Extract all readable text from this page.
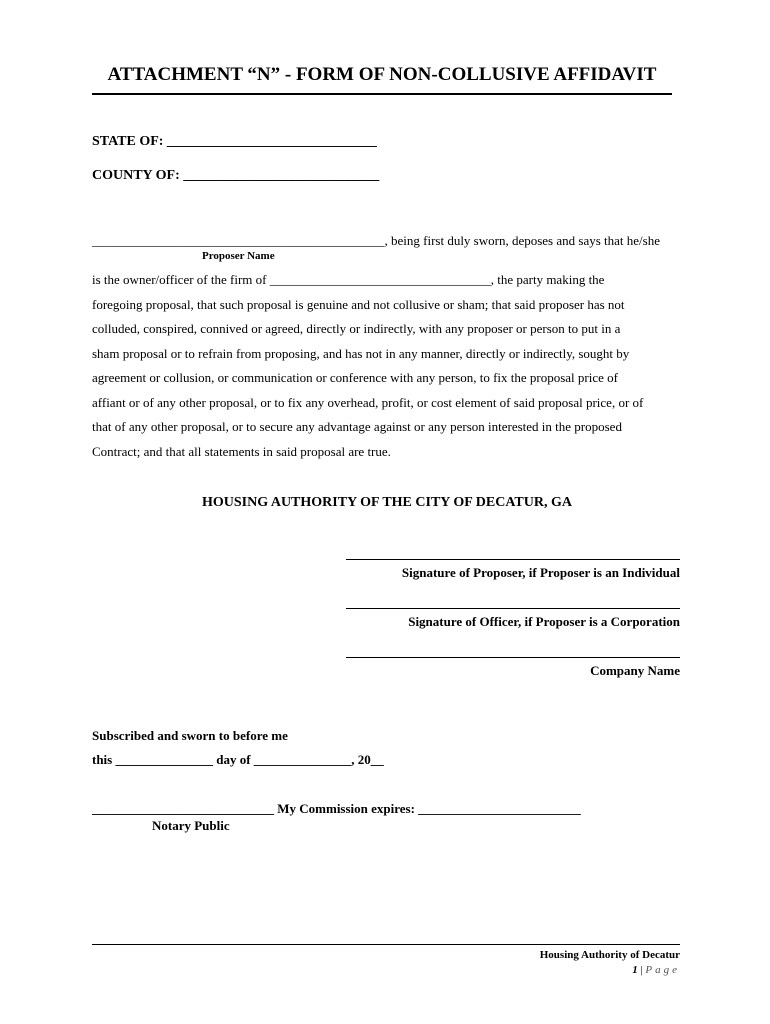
ATTACHMENT “N” - FORM OF NON-COLLUSIVE AFFIDAVIT
STATE OF: ______________________________
COUNTY OF: ____________________________
_____________________________________________, being first duly sworn, deposes and says that he/she
Proposer Name
is the owner/officer of the firm of __________________________________, the party making the
foregoing proposal, that such proposal is genuine and not collusive or sham; that said proposer has not
colluded, conspired, connived or agreed, directly or indirectly, with any proposer or person to put in a
sham proposal or to refrain from proposing, and has not in any manner, directly or indirectly, sought by
agreement or collusion, or communication or conference with any person, to fix the proposal price of
affiant or of any other proposal, or to fix any overhead, profit, or cost element of said proposal price, or of
that of any other proposal, or to secure any advantage against or any person interested in the proposed
Contract; and that all statements in said proposal are true.
HOUSING AUTHORITY OF THE CITY OF DECATUR, GA
Signature of Proposer, if Proposer is an Individual
Signature of Officer, if Proposer is a Corporation
Company Name
Subscribed and sworn to before me
this _______________ day of _______________, 20__
____________________________ My Commission expires: _________________________
Notary Public
Housing Authority of Decatur
1 | Page
